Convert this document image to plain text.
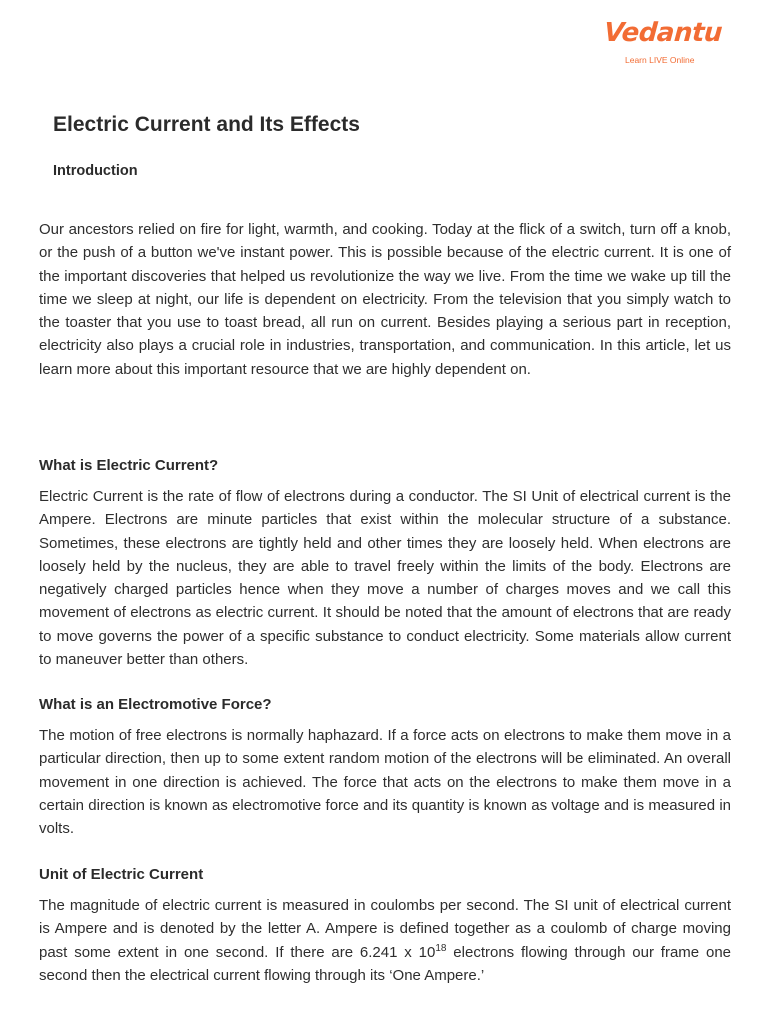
Vedantu
Learn LIVE Online
Electric Current and Its Effects
Introduction

Our ancestors relied on fire for light, warmth, and cooking. Today at the flick of a switch, turn off a knob, or the push of a button we've instant power. This is possible because of the electric current. It is one of the important discoveries that helped us revolutionize the way we live. From the time we wake up till the time we sleep at night, our life is dependent on electricity. From the television that you simply watch to the toaster that you use to toast bread, all run on current. Besides playing a serious part in reception, electricity also plays a crucial role in industries, transportation, and communication. In this article, let us learn more about this important resource that we are highly dependent on.

What is Electric Current?

Electric Current is the rate of flow of electrons during a conductor. The SI Unit of electrical current is the Ampere. Electrons are minute particles that exist within the molecular structure of a substance. Sometimes, these electrons are tightly held and other times they are loosely held. When electrons are loosely held by the nucleus, they are able to travel freely within the limits of the body. Electrons are negatively charged particles hence when they move a number of charges moves and we call this movement of electrons as electric current. It should be noted that the amount of electrons that are ready to move governs the power of a specific substance to conduct electricity. Some materials allow current to maneuver better than others.

What is an Electromotive Force?

The motion of free electrons is normally haphazard. If a force acts on electrons to make them move in a particular direction, then up to some extent random motion of the electrons will be eliminated. An overall movement in one direction is achieved. The force that acts on the electrons to make them move in a certain direction is known as electromotive force and its quantity is known as voltage and is measured in volts.

Unit of Electric Current

The magnitude of electric current is measured in coulombs per second. The SI unit of electrical current is Ampere and is denoted by the letter A. Ampere is defined together as a coulomb of charge moving past some extent in one second. If there are 6.241 x $10^{18}$ electrons flowing through our frame one second then the electrical current flowing through its ‘One Ampere.’
